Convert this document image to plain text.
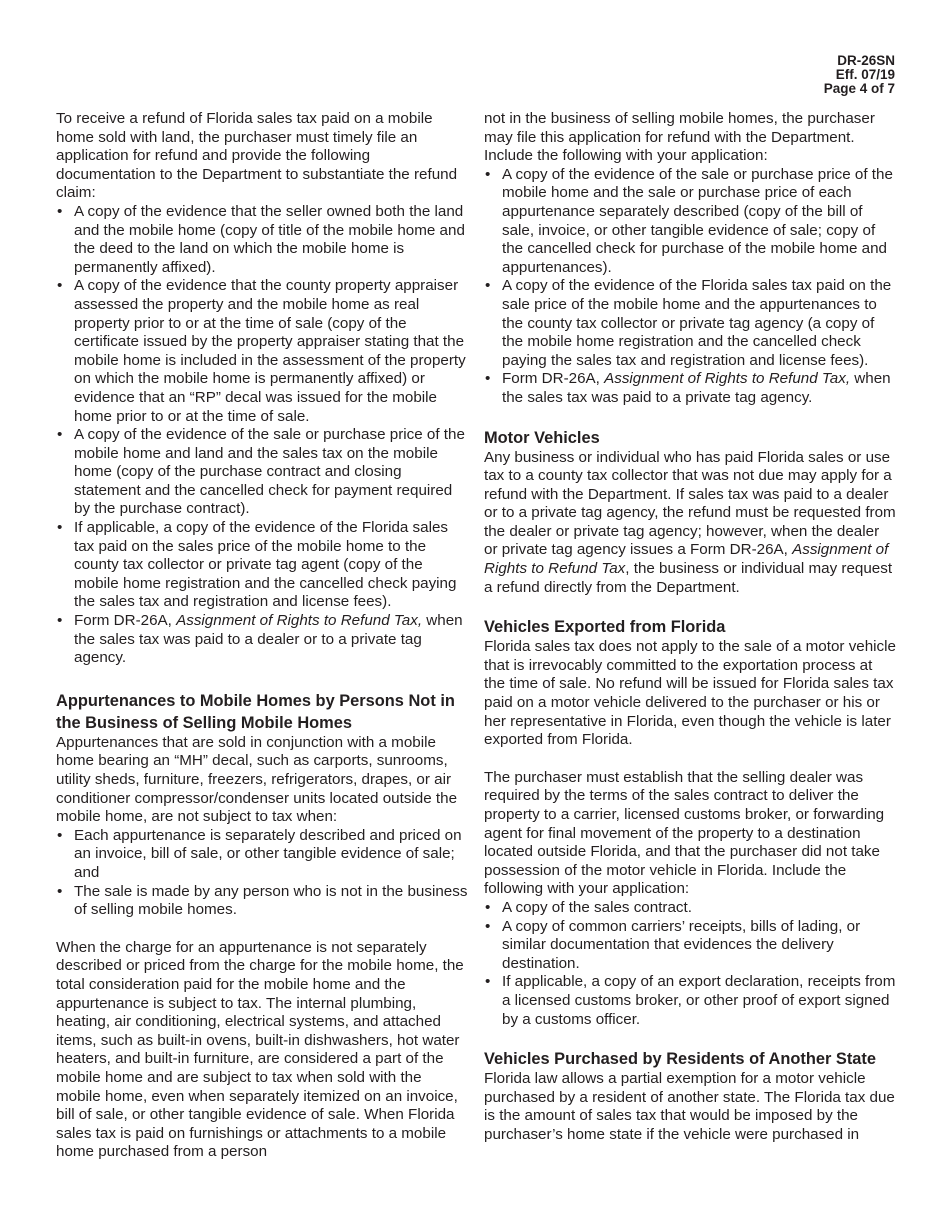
DR-26SN
Eff. 07/19
Page 4 of 7

To receive a refund of Florida sales tax paid on a mobile home sold with land, the purchaser must timely file an application for refund and provide the following documentation to the Department to substantiate the refund claim:

• A copy of the evidence that the seller owned both the land and the mobile home (copy of title of the mobile home and the deed to the land on which the mobile home is permanently affixed).
• A copy of the evidence that the county property appraiser assessed the property and the mobile home as real property prior to or at the time of sale (copy of the certificate issued by the property appraiser stating that the mobile home is included in the assessment of the property on which the mobile home is permanently affixed) or evidence that an “RP” decal was issued for the mobile home prior to or at the time of sale.
• A copy of the evidence of the sale or purchase price of the mobile home and land and the sales tax on the mobile home (copy of the purchase contract and closing statement and the cancelled check for payment required by the purchase contract).
• If applicable, a copy of the evidence of the Florida sales tax paid on the sales price of the mobile home to the county tax collector or private tag agent (copy of the mobile home registration and the cancelled check paying the sales tax and registration and license fees).
• Form DR-26A, Assignment of Rights to Refund Tax, when the sales tax was paid to a dealer or to a private tag agency.
Appurtenances to Mobile Homes by Persons Not in the Business of Selling Mobile Homes

Appurtenances that are sold in conjunction with a mobile home bearing an “MH” decal, such as carports, sunrooms, utility sheds, furniture, freezers, refrigerators, drapes, or air conditioner compressor/condenser units located outside the mobile home, are not subject to tax when:

• Each appurtenance is separately described and priced on an invoice, bill of sale, or other tangible evidence of sale; and
• The sale is made by any person who is not in the business of selling mobile homes.

When the charge for an appurtenance is not separately described or priced from the charge for the mobile home, the total consideration paid for the mobile home and the appurtenance is subject to tax. The internal plumbing, heating, air conditioning, electrical systems, and attached items, such as built-in ovens, built-in dishwashers, hot water heaters, and built-in furniture, are considered a part of the mobile home and are subject to tax when sold with the mobile home, even when separately itemized on an invoice, bill of sale, or other tangible evidence of sale. When Florida sales tax is paid on furnishings or attachments to a mobile home purchased from a person

not in the business of selling mobile homes, the purchaser may file this application for refund with the Department. Include the following with your application:

• A copy of the evidence of the sale or purchase price of the mobile home and the sale or purchase price of each appurtenance separately described (copy of the bill of sale, invoice, or other tangible evidence of sale; copy of the cancelled check for purchase of the mobile home and appurtenances).
• A copy of the evidence of the Florida sales tax paid on the sale price of the mobile home and the appurtenances to the county tax collector or private tag agency (a copy of the mobile home registration and the cancelled check paying the sales tax and registration and license fees).
• Form DR-26A, Assignment of Rights to Refund Tax, when the sales tax was paid to a private tag agency.
Motor Vehicles

Any business or individual who has paid Florida sales or use tax to a county tax collector that was not due may apply for a refund with the Department. If sales tax was paid to a dealer or to a private tag agency, the refund must be requested from the dealer or private tag agency; however, when the dealer or private tag agency issues a Form DR-26A, Assignment of Rights to Refund Tax, the business or individual may request a refund directly from the Department.

Vehicles Exported from Florida

Florida sales tax does not apply to the sale of a motor vehicle that is irrevocably committed to the exportation process at the time of sale. No refund will be issued for Florida sales tax paid on a motor vehicle delivered to the purchaser or his or her representative in Florida, even though the vehicle is later exported from Florida.

The purchaser must establish that the selling dealer was required by the terms of the sales contract to deliver the property to a carrier, licensed customs broker, or forwarding agent for final movement of the property to a destination located outside Florida, and that the purchaser did not take possession of the motor vehicle in Florida. Include the following with your application:

• A copy of the sales contract.
• A copy of common carriers’ receipts, bills of lading, or similar documentation that evidences the delivery destination.
• If applicable, a copy of an export declaration, receipts from a licensed customs broker, or other proof of export signed by a customs officer.
Vehicles Purchased by Residents of Another State

Florida law allows a partial exemption for a motor vehicle purchased by a resident of another state. The Florida tax due is the amount of sales tax that would be imposed by the purchaser’s home state if the vehicle were purchased in
